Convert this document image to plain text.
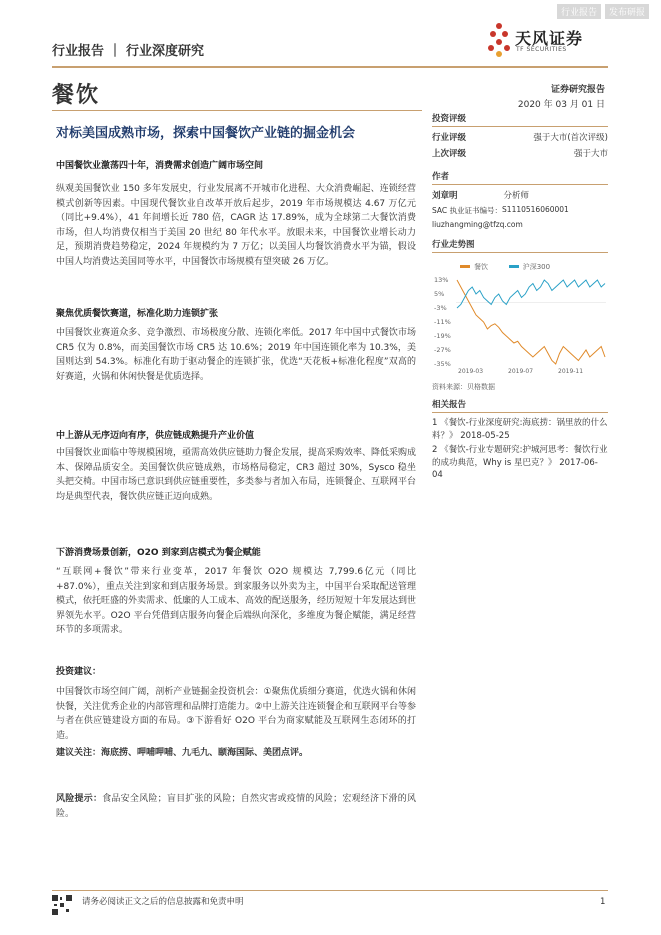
行业报告	发布研报
天风证券
TF SECURITIES
行业报告 ｜ 行业深度研究
餐饮	证券研究报告
2020 年 03 月 01 日
对标美国成熟市场，探索中国餐饮产业链的掘金机会
中国餐饮业激荡四十年，消费需求创造广阔市场空间
纵观美国餐饮业 150 多年发展史，行业发展离不开城市化进程、大众消费崛起、连锁经营模式创新等因素。中国现代餐饮业自改革开放后起步，2019 年市场规模达 4.67 万亿元（同比+9.4%），41 年间增长近 780 倍，CAGR 达 17.89%，成为全球第二大餐饮消费市场，但人均消费仅相当于美国 20 世纪 80 年代水平。放眼未来，中国餐饮业增长动力足，预期消费趋势稳定，2024 年规模约为 7 万亿；以美国人均餐饮消费水平为锚，假设中国人均消费达美国同等水平，中国餐饮市场规模有望突破 26 万亿。
聚焦优质餐饮赛道，标准化助力连锁扩张
中国餐饮业赛道众多、竞争激烈、市场极度分散、连锁化率低。2017 年中国中式餐饮市场 CR5 仅为 0.8%，而美国餐饮市场 CR5 达 10.6%；2019 年中国连锁化率为 10.3%，美国则达到 54.3%。标准化有助于驱动餐企的连锁扩张，优选“天花板+标准化程度”双高的好赛道，火锅和休闲快餐是优质选择。
中上游从无序迈向有序，供应链成熟提升产业价值
中国餐饮业面临中等规模困境，亟需高效供应链助力餐企发展，提高采购效率、降低采购成本、保障品质安全。美国餐饮供应链成熟，市场格局稳定，CR3 超过 30%，Sysco 稳坐头把交椅。中国市场已意识到供应链重要性，多类参与者加入布局，连锁餐企、互联网平台均是典型代表，餐饮供应链正迈向成熟。
下游消费场景创新，O2O 到家到店模式为餐企赋能
“互联网+餐饮”带来行业变革，2017 年餐饮 O2O 规模达 7,799.6亿元（同比+87.0%），重点关注到家和到店服务场景。到家服务以外卖为主，中国平台采取配送管理模式，依托旺盛的外卖需求、低廉的人工成本、高效的配送服务，经历短短十年发展达到世界领先水平。O2O 平台凭借到店服务向餐企后端纵向深化，多维度为餐企赋能，满足经营环节的多项需求。
投资建议：
中国餐饮市场空间广阔，剖析产业链掘金投资机会：①聚焦优质细分赛道，优选火锅和休闲快餐，关注优秀企业的内部管理和品牌打造能力。②中上游关注连锁餐企和互联网平台等参与者在供应链建设方面的布局。③下游看好 O2O 平台为商家赋能及互联网生态闭环的打造。
建议关注：海底捞、呷哺呷哺、九毛九、颐海国际、美团点评。
风险提示：食品安全风险；盲目扩张的风险；自然灾害或疫情的风险；宏观经济下滑的风险。
投资评级
行业评级	强于大市(首次评级)
上次评级	强于大市
作者
刘章明	分析师
SAC 执业证书编号： S1110516060001
liuzhangming@tfzq.com
行业走势图
餐饮
	沪深300
13%
5%
-3%
-11%
-19%
-27%
-35%
2019-03	2019-07	2019-11
资料来源：贝格数据
相关报告
1 《餐饮-行业深度研究:海底捞：锅里放的什么料？》 2018-05-25
2 《餐饮-行业专题研究:护城河思考：餐饮行业的成功典范，Why is 星巴克？》 2017-06-04
请务必阅读正文之后的信息披露和免责申明	1
